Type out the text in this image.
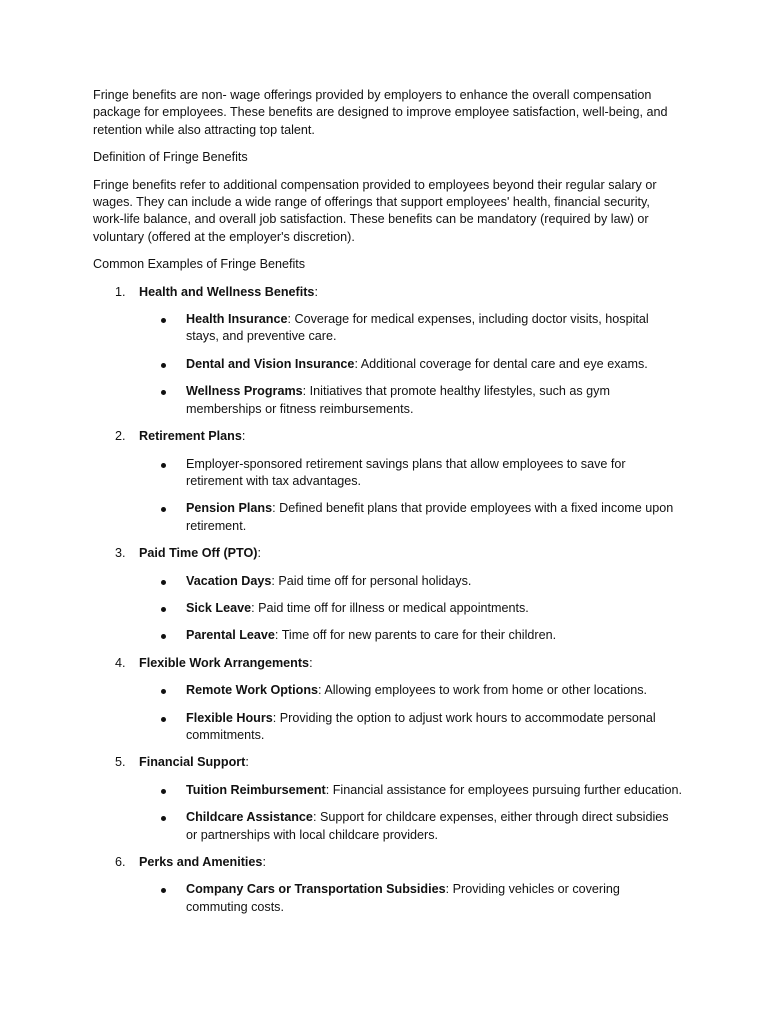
Fringe benefits are non- wage offerings provided by employers to enhance the overall compensation package for employees. These benefits are designed to improve employee satisfaction, well-being, and retention while also attracting top talent.

Definition of Fringe Benefits

Fringe benefits refer to additional compensation provided to employees beyond their regular salary or wages. They can include a wide range of offerings that support employees' health, financial security, work-life balance, and overall job satisfaction. These benefits can be mandatory (required by law) or voluntary (offered at the employer's discretion).

Common Examples of Fringe Benefits

1.	Health and Wellness Benefits:
Health Insurance: Coverage for medical expenses, including doctor visits, hospital stays, and preventive care.
Dental and Vision Insurance: Additional coverage for dental care and eye exams.
Wellness Programs: Initiatives that promote healthy lifestyles, such as gym memberships or fitness reimbursements.
2.	Retirement Plans:
Employer-sponsored retirement savings plans that allow employees to save for retirement with tax advantages.
Pension Plans: Defined benefit plans that provide employees with a fixed income upon retirement.
3.	Paid Time Off (PTO):
Vacation Days: Paid time off for personal holidays.
Sick Leave: Paid time off for illness or medical appointments.
Parental Leave: Time off for new parents to care for their children.
4.	Flexible Work Arrangements:
Remote Work Options: Allowing employees to work from home or other locations.
Flexible Hours: Providing the option to adjust work hours to accommodate personal commitments.
5.	Financial Support:
Tuition Reimbursement: Financial assistance for employees pursuing further education.
Childcare Assistance: Support for childcare expenses, either through direct subsidies or partnerships with local childcare providers.
6.	Perks and Amenities:
Company Cars or Transportation Subsidies: Providing vehicles or covering commuting costs.
